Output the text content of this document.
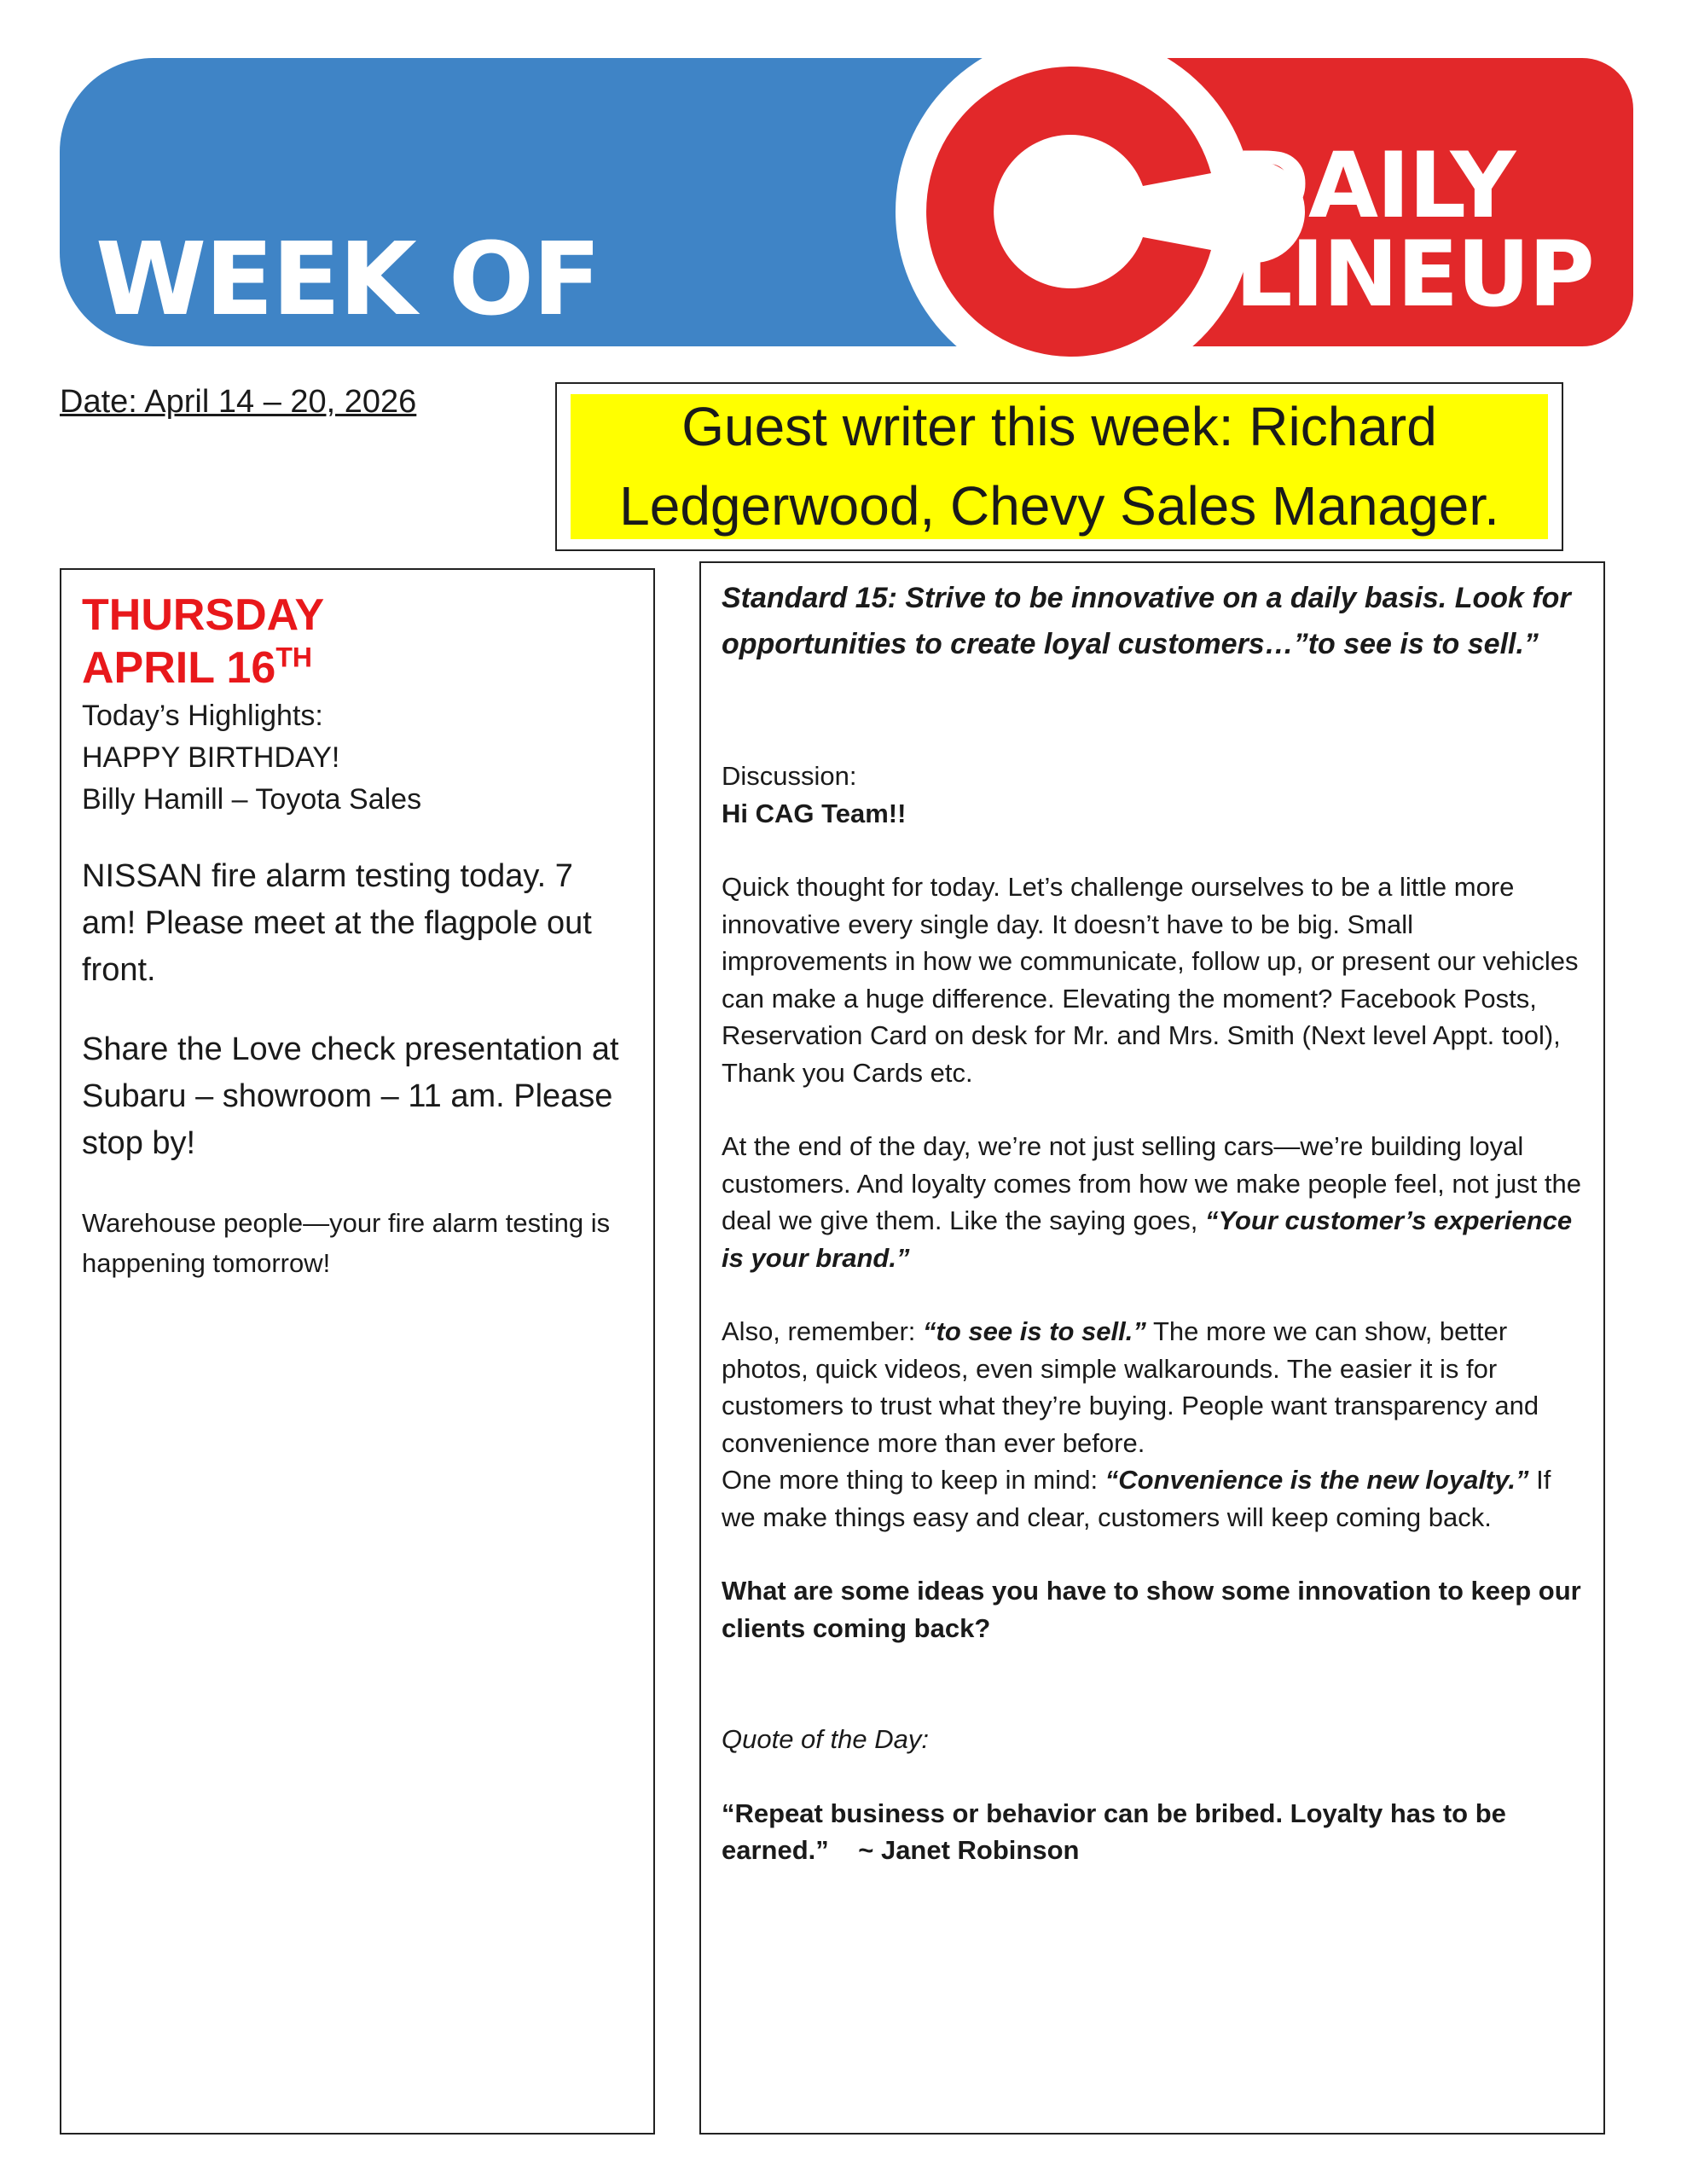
WEEK OF
DAILY
LINEUP
Date: April 14 – 20, 2026	Guest writer this week: Richard Ledgerwood, Chevy Sales Manager.
THURSDAY
APRIL 16TH
Today’s Highlights:
HAPPY BIRTHDAY!
Billy Hamill – Toyota Sales
NISSAN fire alarm testing today. 7 am! Please meet at the flagpole out front.
Share the Love check presentation at Subaru – showroom – 11 am. Please stop by!
Warehouse people—your fire alarm testing is happening tomorrow!
Standard 15: Strive to be innovative on a daily basis. Look for opportunities to create loyal customers…”to see is to sell.”
Discussion:
Hi CAG Team!!
Quick thought for today. Let’s challenge ourselves to be a little more innovative every single day. It doesn’t have to be big. Small improvements in how we communicate, follow up, or present our vehicles can make a huge difference. Elevating the moment? Facebook Posts, Reservation Card on desk for Mr. and Mrs. Smith (Next level Appt. tool), Thank you Cards etc.
At the end of the day, we’re not just selling cars—we’re building loyal customers. And loyalty comes from how we make people feel, not just the deal we give them. Like the saying goes, “Your customer’s experience is your brand.”
Also, remember: “to see is to sell.” The more we can show, better photos, quick videos, even simple walkarounds. The easier it is for customers to trust what they’re buying. People want transparency and convenience more than ever before.
One more thing to keep in mind: “Convenience is the new loyalty.” If we make things easy and clear, customers will keep coming back.
What are some ideas you have to show some innovation to keep our clients coming back?
Quote of the Day:
“Repeat business or behavior can be bribed. Loyalty has to be earned.” ~ Janet Robinson
